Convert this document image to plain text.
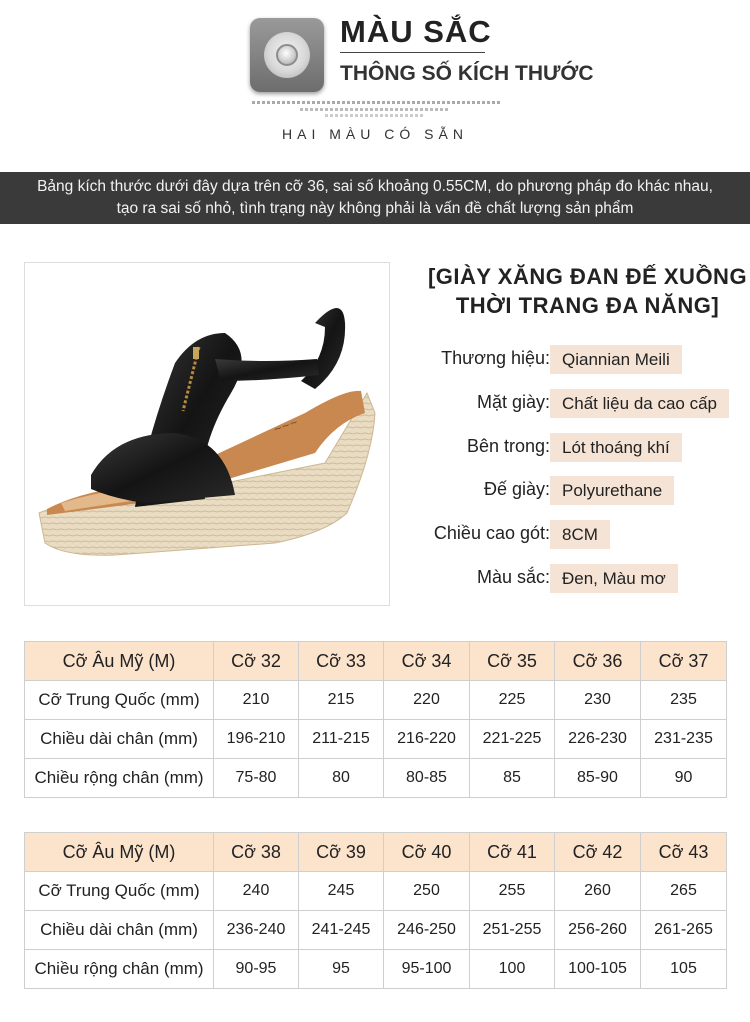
MÀU SẮC
THÔNG SỐ KÍCH THƯỚC
HAI MÀU CÓ SẴN
Bảng kích thước dưới đây dựa trên cỡ 36, sai số khoảng 0.55CM, do phương pháp đo khác nhau,
tạo ra sai số nhỏ, tình trạng này không phải là vấn đề chất lượng sản phẩm
~~~
[GIÀY XĂNG ĐAN ĐẾ XUỒNG
THỜI TRANG ĐA NĂNG]
Thương hiệu: Qiannian Meili
Mặt giày: Chất liệu da cao cấp
Bên trong: Lót thoáng khí
Đế giày: Polyurethane
Chiều cao gót: 8CM
Màu sắc: Đen, Màu mơ
Cỡ Âu Mỹ (M)	Cỡ 32	Cỡ 33	Cỡ 34	Cỡ 35	Cỡ 36	Cỡ 37
Cỡ Trung Quốc (mm)	210	215	220	225	230	235
Chiều dài chân (mm)	196-210	211-215	216-220	221-225	226-230	231-235
Chiều rộng chân (mm)	75-80	80	80-85	85	85-90	90
Cỡ Âu Mỹ (M)	Cỡ 38	Cỡ 39	Cỡ 40	Cỡ 41	Cỡ 42	Cỡ 43
Cỡ Trung Quốc (mm)	240	245	250	255	260	265
Chiều dài chân (mm)	236-240	241-245	246-250	251-255	256-260	261-265
Chiều rộng chân (mm)	90-95	95	95-100	100	100-105	105
